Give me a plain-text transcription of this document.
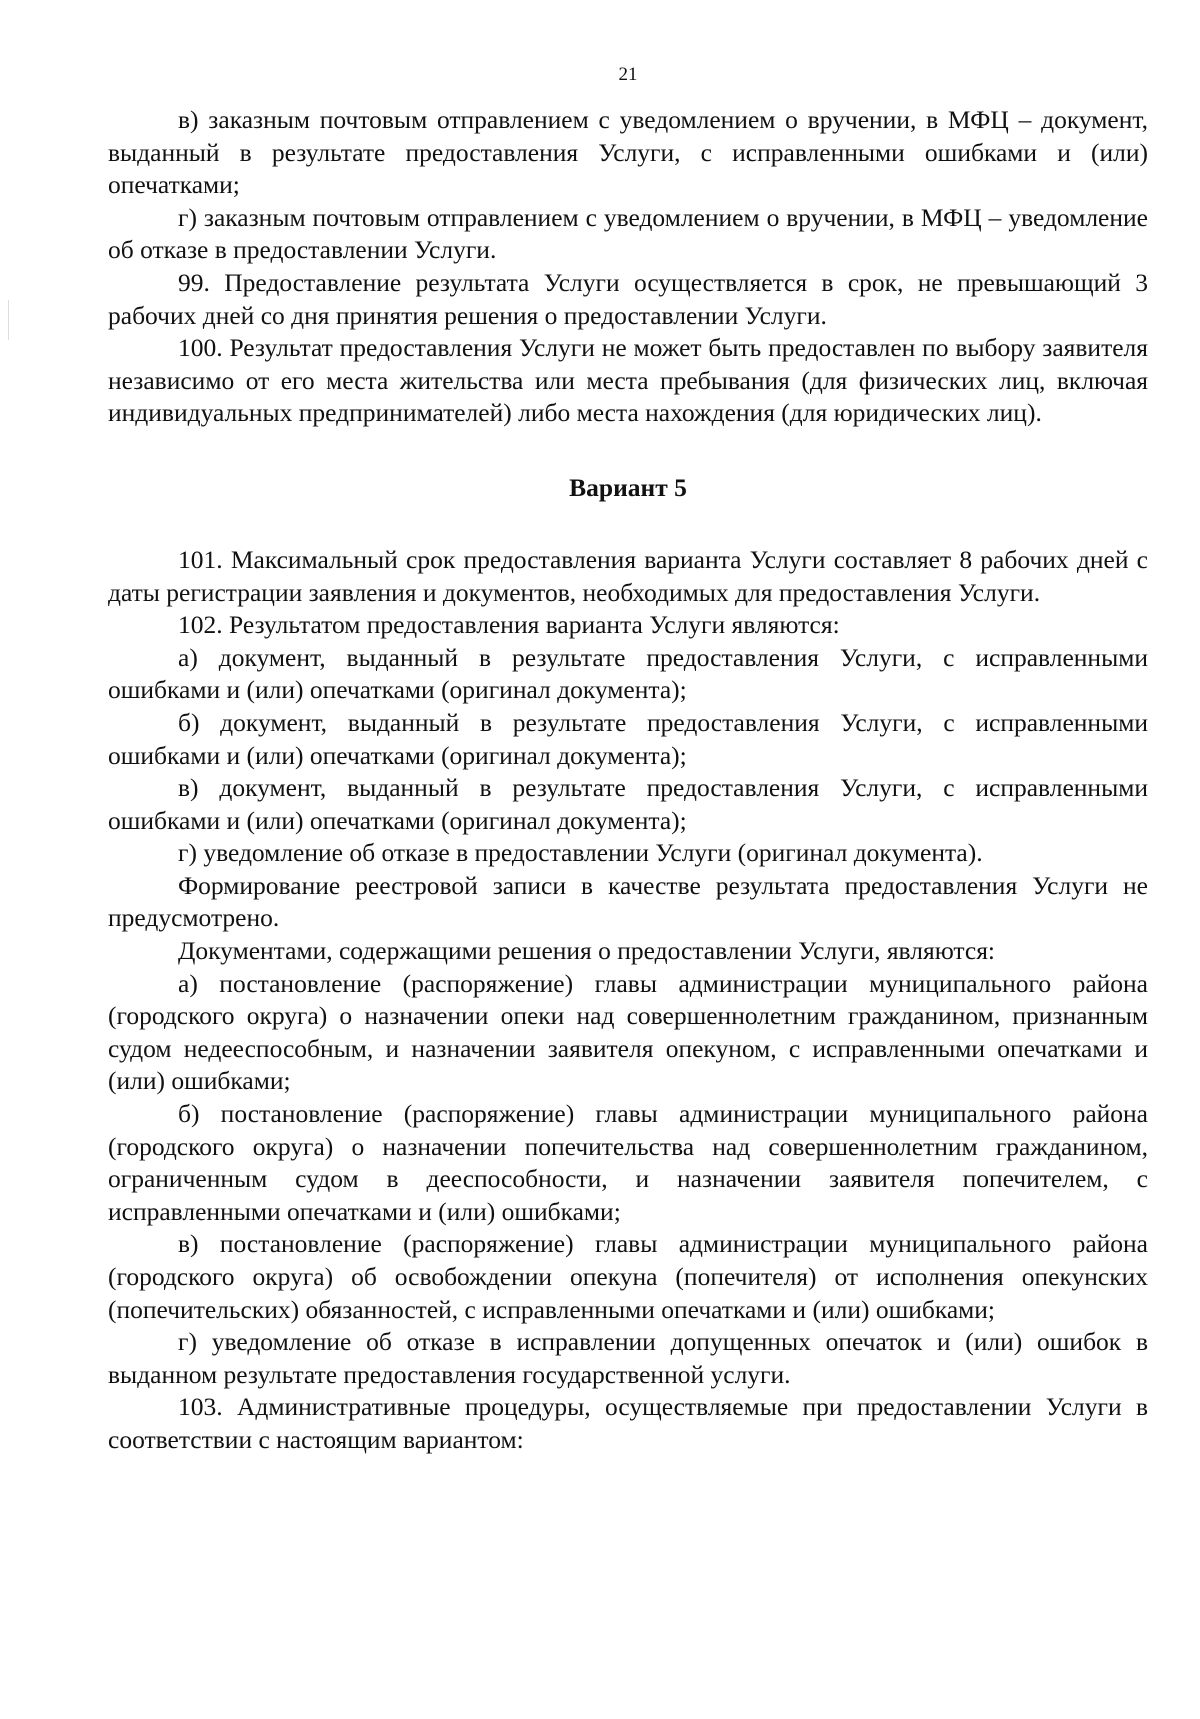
21

в) заказным почтовым отправлением с уведомлением о вручении, в МФЦ – документ, выданный в результате предоставления Услуги, с исправленными ошибками и (или) опечатками;

г) заказным почтовым отправлением с уведомлением о вручении, в МФЦ – уведомление об отказе в предоставлении Услуги.

99. Предоставление результата Услуги осуществляется в срок, не превышающий 3 рабочих дней со дня принятия решения о предоставлении Услуги.

100. Результат предоставления Услуги не может быть предоставлен по выбору заявителя независимо от его места жительства или места пребывания (для физических лиц, включая индивидуальных предпринимателей) либо места нахождения (для юридических лиц).

Вариант 5

101. Максимальный срок предоставления варианта Услуги составляет 8 рабочих дней с даты регистрации заявления и документов, необходимых для предоставления Услуги.

102. Результатом предоставления варианта Услуги являются:

а) документ, выданный в результате предоставления Услуги, с исправленными ошибками и (или) опечатками (оригинал документа);

б) документ, выданный в результате предоставления Услуги, с исправленными ошибками и (или) опечатками (оригинал документа);

в) документ, выданный в результате предоставления Услуги, с исправленными ошибками и (или) опечатками (оригинал документа);

г) уведомление об отказе в предоставлении Услуги (оригинал документа).

Формирование реестровой записи в качестве результата предоставления Услуги не предусмотрено.

Документами, содержащими решения о предоставлении Услуги, являются:

а) постановление (распоряжение) главы администрации муниципального района (городского округа) о назначении опеки над совершеннолетним гражданином, признанным судом недееспособным, и назначении заявителя опекуном, с исправленными опечатками и (или) ошибками;

б) постановление (распоряжение) главы администрации муниципального района (городского округа) о назначении попечительства над совершеннолетним гражданином, ограниченным судом в дееспособности, и назначении заявителя попечителем, с исправленными опечатками и (или) ошибками;

в) постановление (распоряжение) главы администрации муниципального района (городского округа) об освобождении опекуна (попечителя) от исполнения опекунских (попечительских) обязанностей, с исправленными опечатками и (или) ошибками;

г) уведомление об отказе в исправлении допущенных опечаток и (или) ошибок в выданном результате предоставления государственной услуги.

103. Административные процедуры, осуществляемые при предоставлении Услуги в соответствии с настоящим вариантом:
